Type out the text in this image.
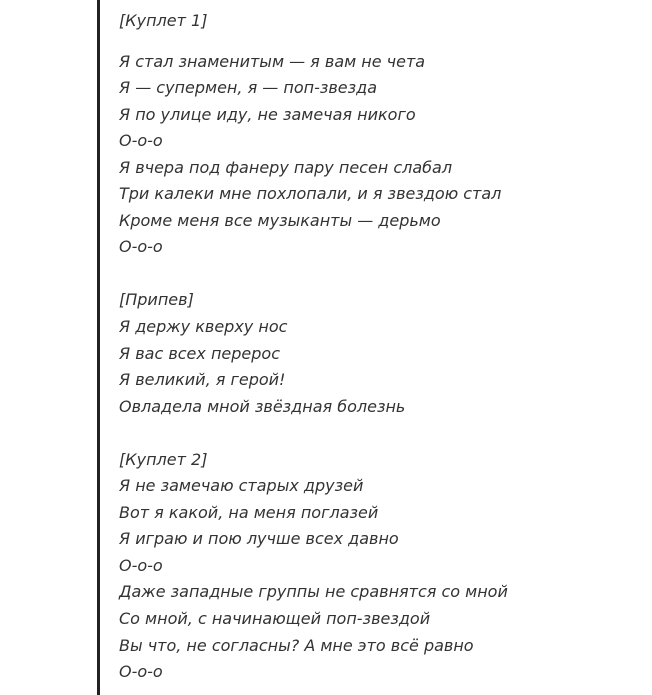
[Куплет 1]
Я стал знаменитым — я вам не чета
Я — супермен, я — поп-звезда
Я по улице иду, не замечая никого
О-о-о
Я вчера под фанеру пару песен слабал
Три калеки мне похлопали, и я звездою стал
Кроме меня все музыканты — дерьмо
О-о-о
[Припев]
Я держу кверху нос
Я вас всех перерос
Я великий, я герой!
Овладела мной звёздная болезнь
[Куплет 2]
Я не замечаю старых друзей
Вот я какой, на меня поглазей
Я играю и пою лучше всех давно
О-о-о
Даже западные группы не сравнятся со мной
Со мной, с начинающей поп-звездой
Вы что, не согласны? А мне это всё равно
О-о-о
